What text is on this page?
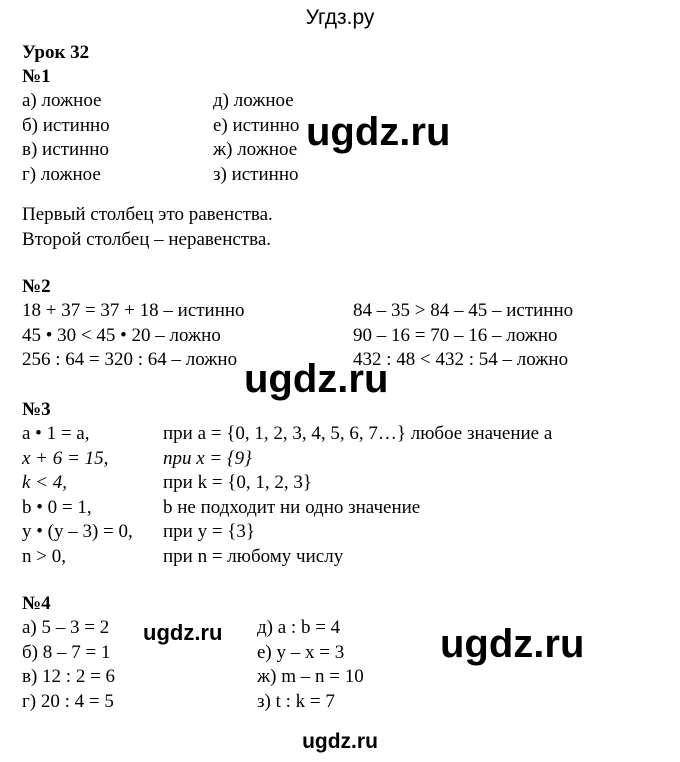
Угдз.ру
Урок 32
№1
а) ложное
б) истинно
в) истинно
г) ложное
д) ложное
е) истинно
ж) ложное
з) истинно
Первый столбец это равенства.
Второй столбец – неравенства.
№2
18 + 37 = 37 + 18 – истинно
45 • 30 < 45 • 20 – ложно
256 : 64 = 320 : 64 – ложно
84 – 35 > 84 – 45 – истинно
90 – 16 = 70 – 16 – ложно
432 : 48 < 432 : 54 – ложно
№3
a • 1 = a,
x + 6 = 15,
k < 4,
b • 0 = 1,
y • (y – 3) = 0,
n > 0,
при a = {0, 1, 2, 3, 4, 5, 6, 7…} любое значение a
при x = {9}
при k = {0, 1, 2, 3}
b не подходит ни одно значение
при y = {3}
при n = любому числу
№4
а) 5 – 3 = 2
б) 8 – 7 = 1
в) 12 : 2 = 6
г) 20 : 4 = 5
д) a : b = 4
е) y – x = 3
ж) m – n = 10
з) t : k = 7
ugdz.ru
ugdz.ru
ugdz.ru	ugdz.ru
ugdz.ru
